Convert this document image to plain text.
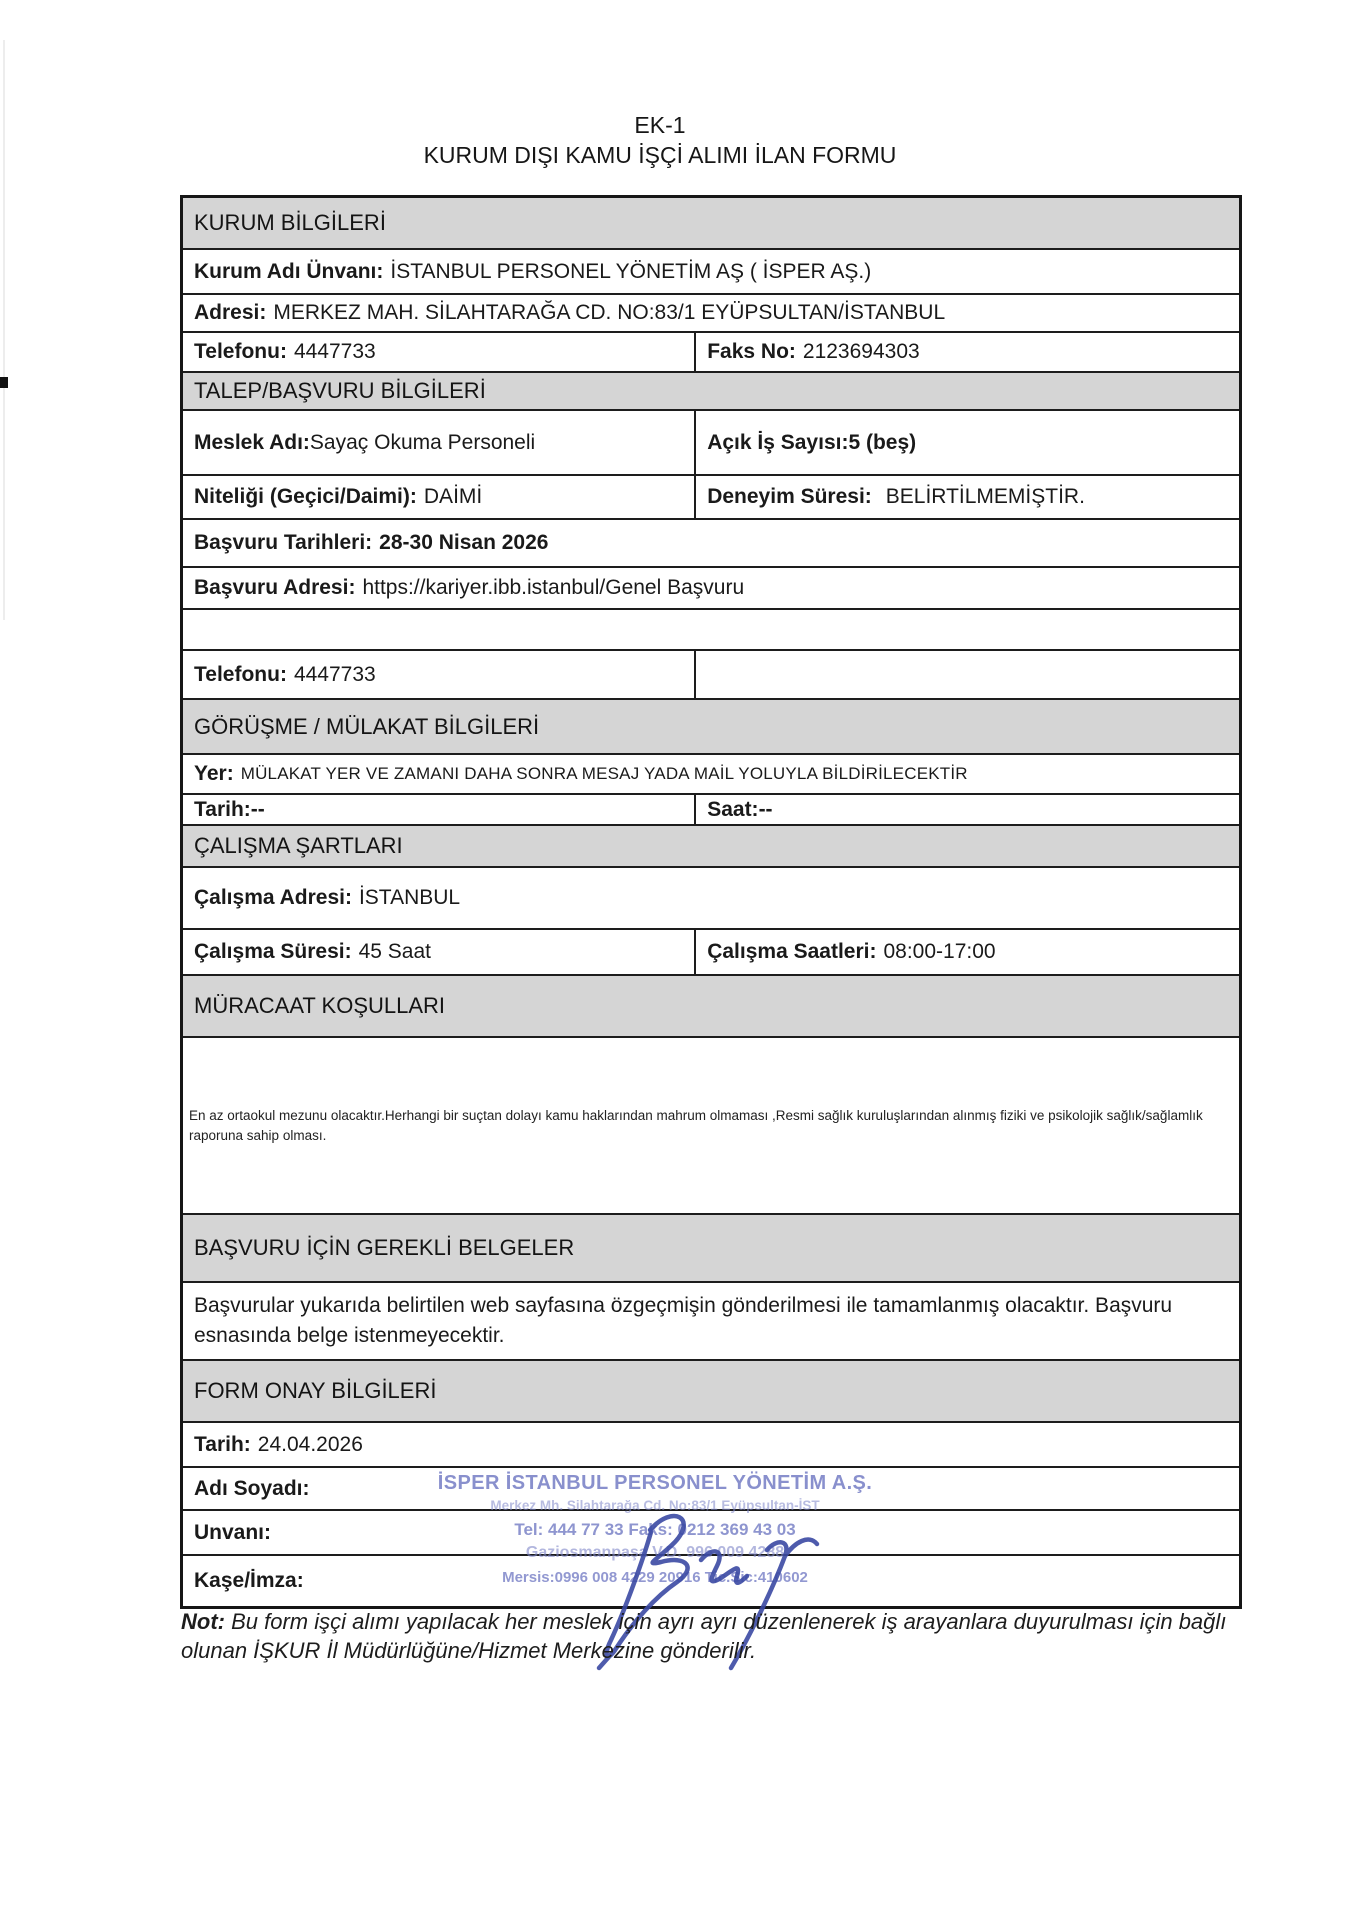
EK-1
KURUM DIŞI KAMU İŞÇİ ALIMI İLAN FORMU
KURUM BİLGİLERİ
Kurum Adı Ünvanı: İSTANBUL PERSONEL YÖNETİM AŞ ( İSPER AŞ.)
Adresi: MERKEZ MAH. SİLAHTARAĞA CD. NO:83/1 EYÜPSULTAN/İSTANBUL
Telefonu: 4447733	Faks No: 2123694303
TALEP/BAŞVURU BİLGİLERİ
Meslek Adı: Sayaç Okuma Personeli	Açık İş Sayısı: 5 (beş)
Niteliği (Geçici/Daimi): DAİMİ	Deneyim Süresi: BELİRTİLMEMİŞTİR.
Başvuru Tarihleri: 28-30 Nisan 2026
Başvuru Adresi: https://kariyer.ibb.istanbul/Genel Başvuru
Telefonu: 4447733
GÖRÜŞME / MÜLAKAT BİLGİLERİ
Yer: MÜLAKAT YER VE ZAMANI DAHA SONRA MESAJ YADA MAİL YOLUYLA BİLDİRİLECEKTİR
Tarih: --	Saat: --
ÇALIŞMA ŞARTLARI
Çalışma Adresi: İSTANBUL
Çalışma Süresi: 45 Saat	Çalışma Saatleri: 08:00-17:00
MÜRACAAT KOŞULLARI
En az ortaokul mezunu olacaktır.Herhangi bir suçtan dolayı kamu haklarından mahrum olmaması ,Resmi sağlık kuruluşlarından alınmış fiziki ve psikolojik sağlık/sağlamlık raporuna sahip olması.
BAŞVURU İÇİN GEREKLİ BELGELER
Başvurular yukarıda belirtilen web sayfasına özgeçmişin gönderilmesi ile tamamlanmış olacaktır. Başvuru esnasında belge istenmeyecektir.
FORM ONAY BİLGİLERİ
Tarih: 24.04.2026
Adı Soyadı:
Unvanı:
Kaşe/İmza:
İSPER İSTANBUL PERSONEL YÖNETİM A.Ş.
Merkez Mh. Silahtarağa Cd. No:83/1 Eyüpsultan-İST
Tel: 444 77 33 Faks: 0212 369 43 03
Gaziosmanpaşa V.D. 996 009 4288
Mersis:0996 008 4229 20916 Tic.Sic:410602
Not: Bu form işçi alımı yapılacak her meslek için ayrı ayrı düzenlenerek iş arayanlara duyurulması için bağlı olunan İŞKUR İl Müdürlüğüne/Hizmet Merkezine gönderilir.
